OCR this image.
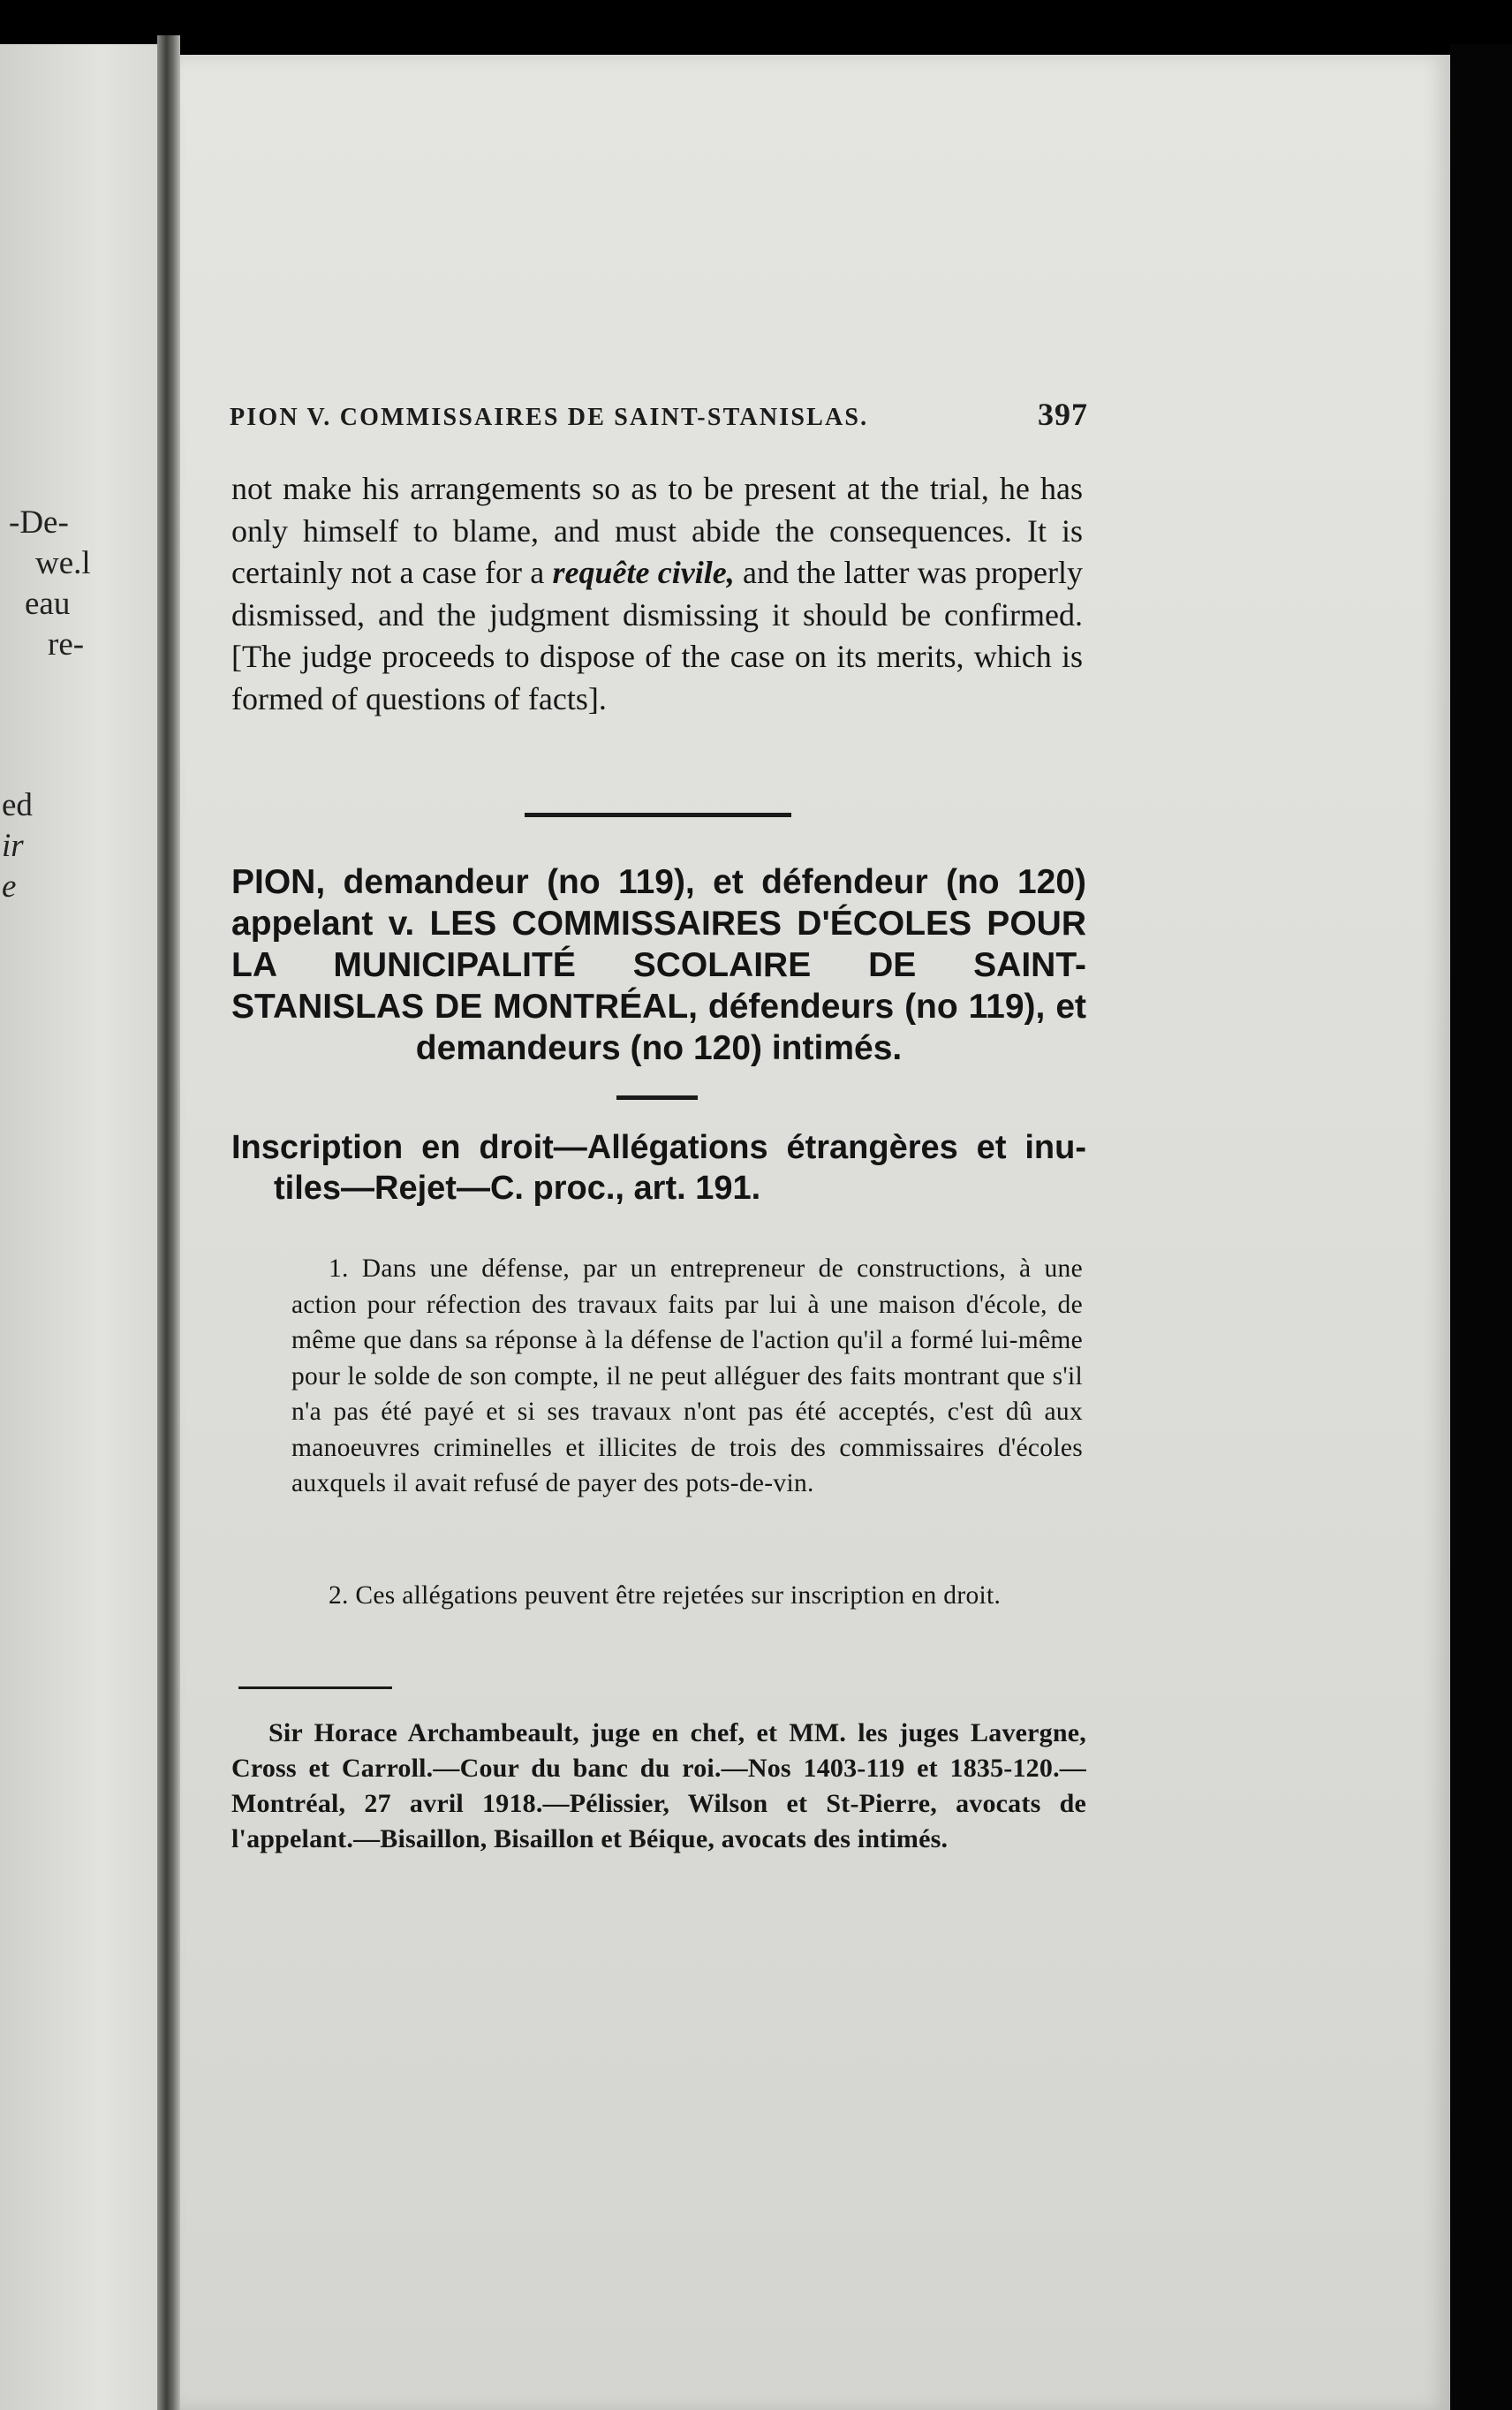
-De-
we.l
eau
re-
ed
ir
e
PION V. COMMISSAIRES DE SAINT-STANISLAS.	397
not make his arrangements so as to be present at the trial, he has only himself to blame, and must abide the consequences. It is certainly not a case for a requête civile, and the latter was properly dismissed, and the judgment dismissing it should be confirmed. [The judge proceeds to dispose of the case on its merits, which is formed of questions of facts].
PION, demandeur (no 119), et défendeur (no 120) appelant v. LES COMMISSAIRES D'ÉCOLES POUR LA MUNICIPALITÉ SCOLAIRE DE SAINT-STANISLAS DE MONTRÉAL, défendeurs (no 119), et demandeurs (no 120) intimés.
Inscription en droit—Allégations étrangères et inu-
tiles—Rejet—C. proc., art. 191.
1. Dans une défense, par un entrepreneur de constructions, à une action pour réfection des travaux faits par lui à une maison d'école, de même que dans sa réponse à la défense de l'action qu'il a formé lui-même pour le solde de son compte, il ne peut alléguer des faits montrant que s'il n'a pas été payé et si ses travaux n'ont pas été acceptés, c'est dû aux manoeuvres criminelles et illicites de trois des commissaires d'écoles auxquels il avait refusé de payer des pots-de-vin.
2. Ces allégations peuvent être rejetées sur inscription en droit.
Sir Horace Archambeault, juge en chef, et MM. les juges Lavergne, Cross et Carroll.—Cour du banc du roi.—Nos 1403-119 et 1835-120.—Montréal, 27 avril 1918.—Pélissier, Wilson et St-Pierre, avocats de l'appelant.—Bisaillon, Bisaillon et Béique, avocats des intimés.
